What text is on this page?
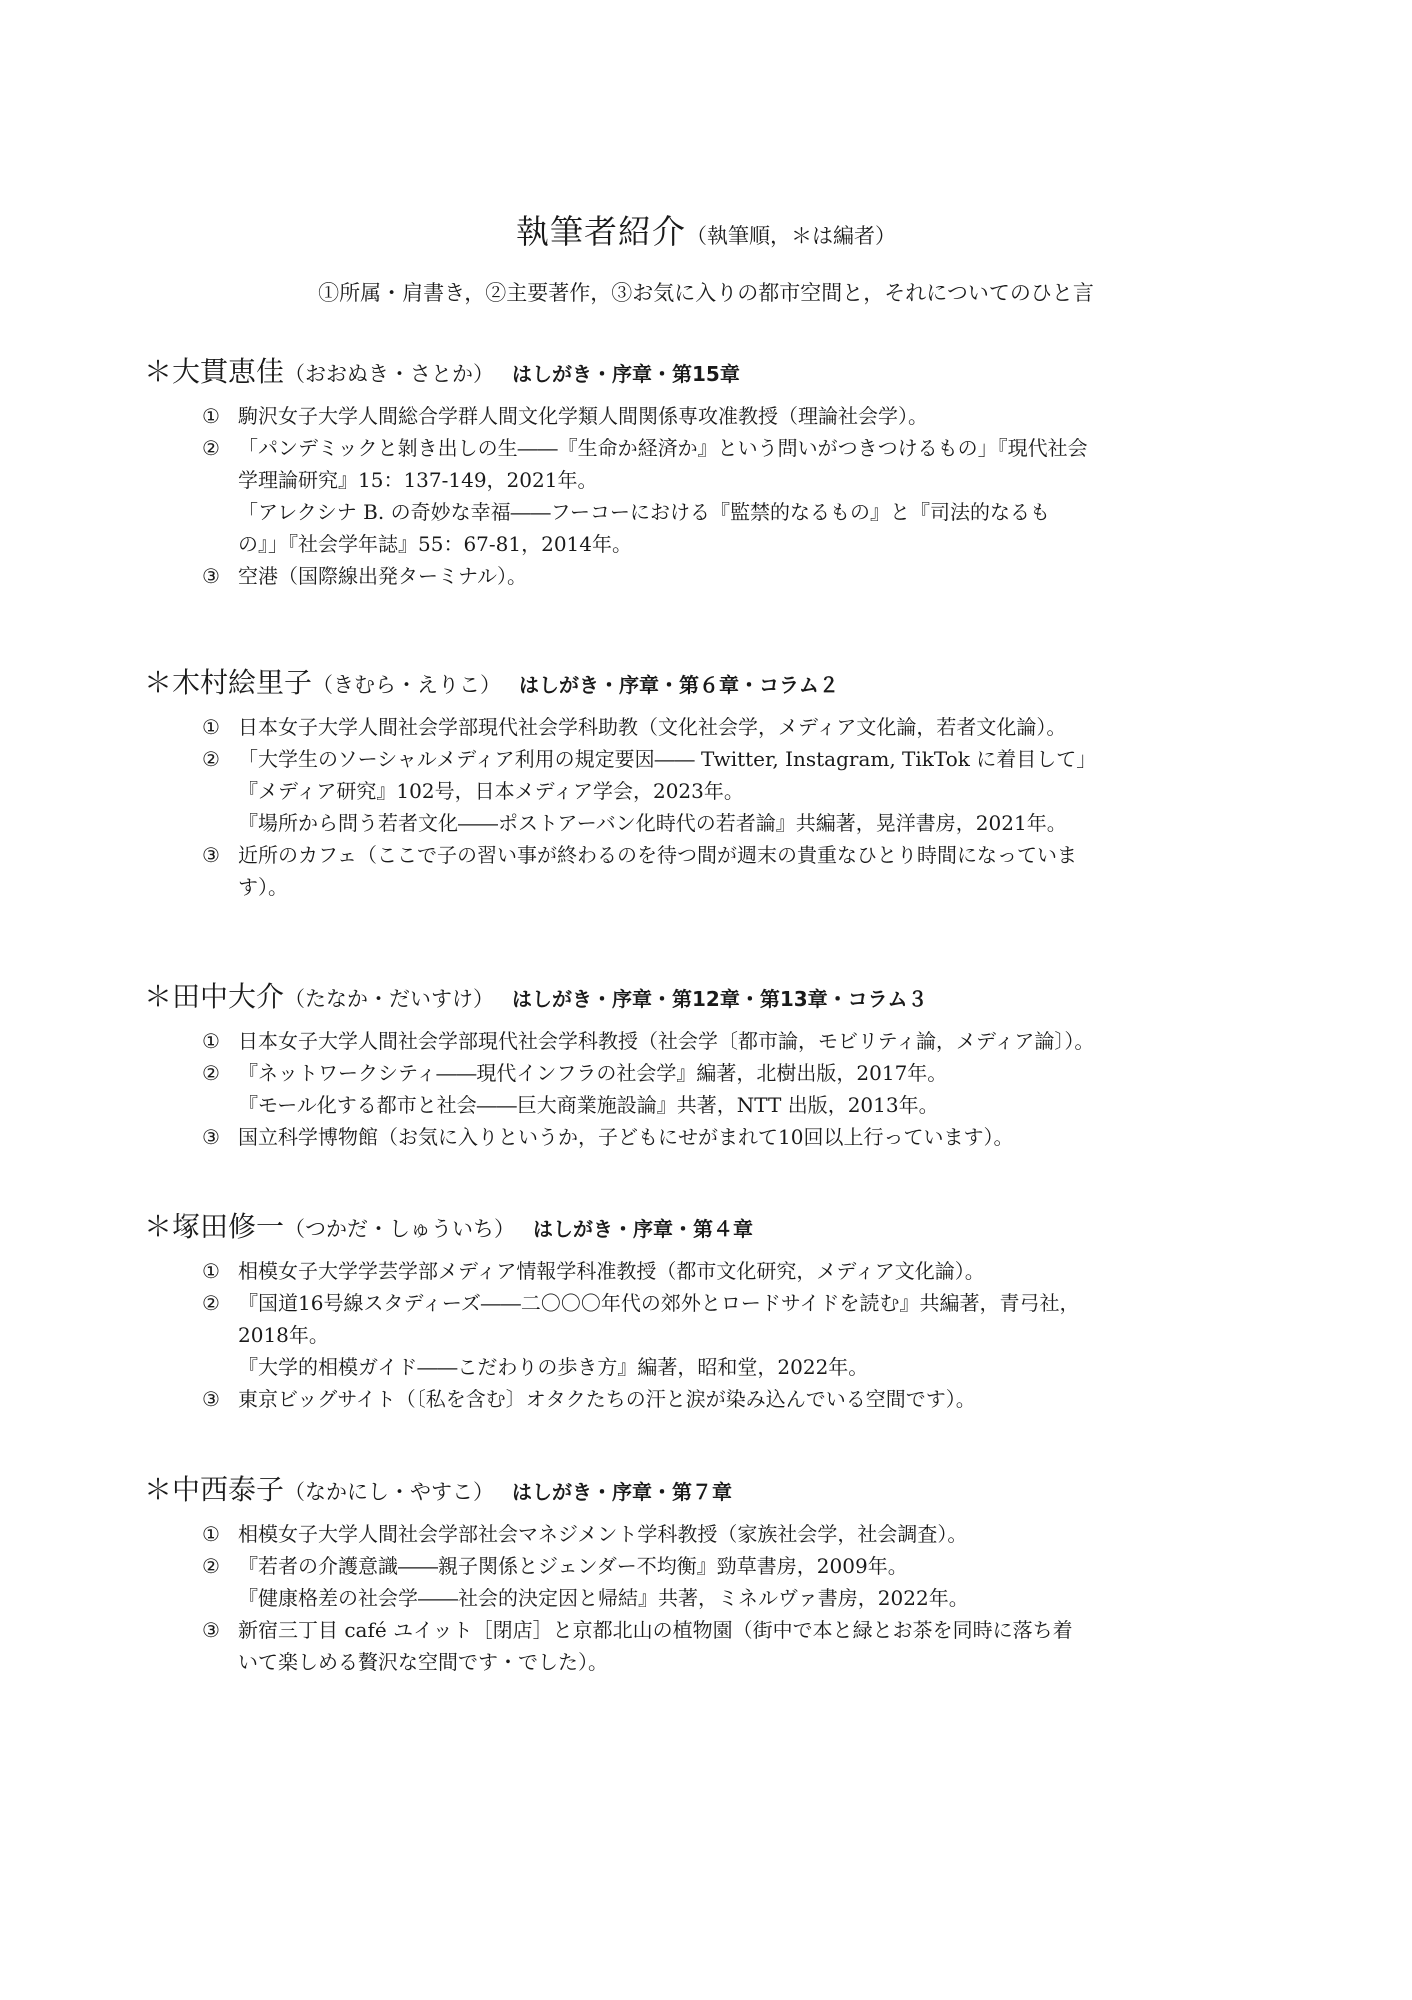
執筆者紹介（執筆順，＊は編者）
①所属・肩書き，②主要著作，③お気に入りの都市空間と，それについてのひと言
＊大貫恵佳（おおぬき・さとか） はしがき・序章・第15章
① 駒沢女子大学人間総合学群人間文化学類人間関係専攻准教授（理論社会学）。
② 「パンデミックと剝き出しの生――『生命か経済か』という問いがつきつけるもの」『現代社会
学理論研究』15：137-149，2021年。
「アレクシナ B. の奇妙な幸福――フーコーにおける『監禁的なるもの』と『司法的なるも
の』」『社会学年誌』55：67-81，2014年。
③ 空港（国際線出発ターミナル）。
＊木村絵里子（きむら・えりこ） はしがき・序章・第６章・コラム２
① 日本女子大学人間社会学部現代社会学科助教（文化社会学，メディア文化論，若者文化論）。
② 「大学生のソーシャルメディア利用の規定要因―― Twitter, Instagram, TikTok に着目して」
『メディア研究』102号，日本メディア学会，2023年。
『場所から問う若者文化――ポストアーバン化時代の若者論』共編著，晃洋書房，2021年。
③ 近所のカフェ（ここで子の習い事が終わるのを待つ間が週末の貴重なひとり時間になっていま
す）。
＊田中大介（たなか・だいすけ） はしがき・序章・第12章・第13章・コラム３
① 日本女子大学人間社会学部現代社会学科教授（社会学〔都市論，モビリティ論，メディア論〕）。
② 『ネットワークシティ――現代インフラの社会学』編著，北樹出版，2017年。
『モール化する都市と社会――巨大商業施設論』共著，NTT 出版，2013年。
③ 国立科学博物館（お気に入りというか，子どもにせがまれて10回以上行っています）。
＊塚田修一（つかだ・しゅういち） はしがき・序章・第４章
① 相模女子大学学芸学部メディア情報学科准教授（都市文化研究，メディア文化論）。
② 『国道16号線スタディーズ――二〇〇〇年代の郊外とロードサイドを読む』共編著，青弓社，
2018年。
『大学的相模ガイド――こだわりの歩き方』編著，昭和堂，2022年。
③ 東京ビッグサイト（〔私を含む〕オタクたちの汗と涙が染み込んでいる空間です）。
＊中西泰子（なかにし・やすこ） はしがき・序章・第７章
① 相模女子大学人間社会学部社会マネジメント学科教授（家族社会学，社会調査）。
② 『若者の介護意識――親子関係とジェンダー不均衡』勁草書房，2009年。
『健康格差の社会学――社会的決定因と帰結』共著，ミネルヴァ書房，2022年。
③ 新宿三丁目 café ユイット［閉店］と京都北山の植物園（街中で本と緑とお茶を同時に落ち着
いて楽しめる贅沢な空間です・でした）。
